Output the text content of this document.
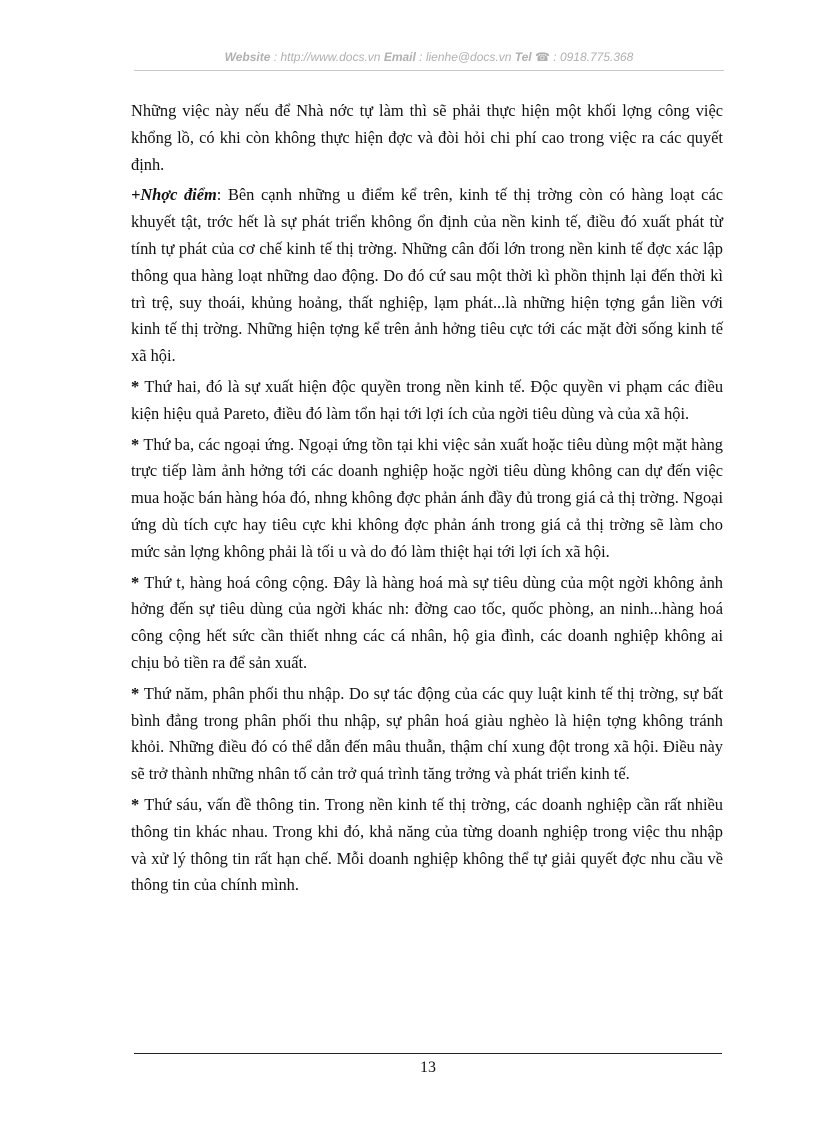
Website : http://www.docs.vn Email : lienhe@docs.vn Tel ☎ : 0918.775.368

Những việc này nếu để Nhà nớc tự làm thì sẽ phải thực hiện một khối lợng công việc khổng lồ, có khi còn không thực hiện đợc và đòi hỏi chi phí cao trong việc ra các quyết định.

+Nhợc điểm: Bên cạnh những u điểm kể trên, kinh tế thị trờng còn có hàng loạt các khuyết tật, trớc hết là sự phát triển không ổn định của nền kinh tế, điều đó xuất phát từ tính tự phát của cơ chế kinh tế thị trờng. Những cân đối lớn trong nền kinh tế đợc xác lập thông qua hàng loạt những dao động. Do đó cứ sau một thời kì phồn thịnh lại đến thời kì trì trệ, suy thoái, khủng hoảng, thất nghiệp, lạm phát...là những hiện tợng gắn liền với kinh tế thị trờng. Những hiện tợng kể trên ảnh hởng tiêu cực tới các mặt đời sống kinh tế xã hội.

* Thứ hai, đó là sự xuất hiện độc quyền trong nền kinh tế. Độc quyền vi phạm các điều kiện hiệu quả Pareto, điều đó làm tổn hại tới lợi ích của ngời tiêu dùng và của xã hội.

* Thứ ba, các ngoại ứng. Ngoại ứng tồn tại khi việc sản xuất hoặc tiêu dùng một mặt hàng trực tiếp làm ảnh hởng tới các doanh nghiệp hoặc ngời tiêu dùng không can dự đến việc mua hoặc bán hàng hóa đó, nhng không đợc phản ánh đầy đủ trong giá cả thị trờng. Ngoại ứng dù tích cực hay tiêu cực khi không đợc phản ánh trong giá cả thị trờng sẽ làm cho mức sản lợng không phải là tối u và do đó làm thiệt hại tới lợi ích xã hội.

* Thứ t, hàng hoá công cộng. Đây là hàng hoá mà sự tiêu dùng của một ngời không ảnh hởng đến sự tiêu dùng của ngời khác nh: đờng cao tốc, quốc phòng, an ninh...hàng hoá công cộng hết sức cần thiết nhng các cá nhân, hộ gia đình, các doanh nghiệp không ai chịu bỏ tiền ra để sản xuất.

* Thứ năm, phân phối thu nhập. Do sự tác động của các quy luật kinh tế thị trờng, sự bất bình đẳng trong phân phối thu nhập, sự phân hoá giàu nghèo là hiện tợng không tránh khỏi. Những điều đó có thể dẫn đến mâu thuẫn, thậm chí xung đột trong xã hội. Điều này sẽ trở thành những nhân tố cản trở quá trình tăng trởng và phát triển kinh tế.

* Thứ sáu, vấn đề thông tin. Trong nền kinh tế thị trờng, các doanh nghiệp cần rất nhiều thông tin khác nhau. Trong khi đó, khả năng của từng doanh nghiệp trong việc thu nhập và xử lý thông tin rất hạn chế. Mỗi doanh nghiệp không thể tự giải quyết đợc nhu cầu về thông tin của chính mình.

13
